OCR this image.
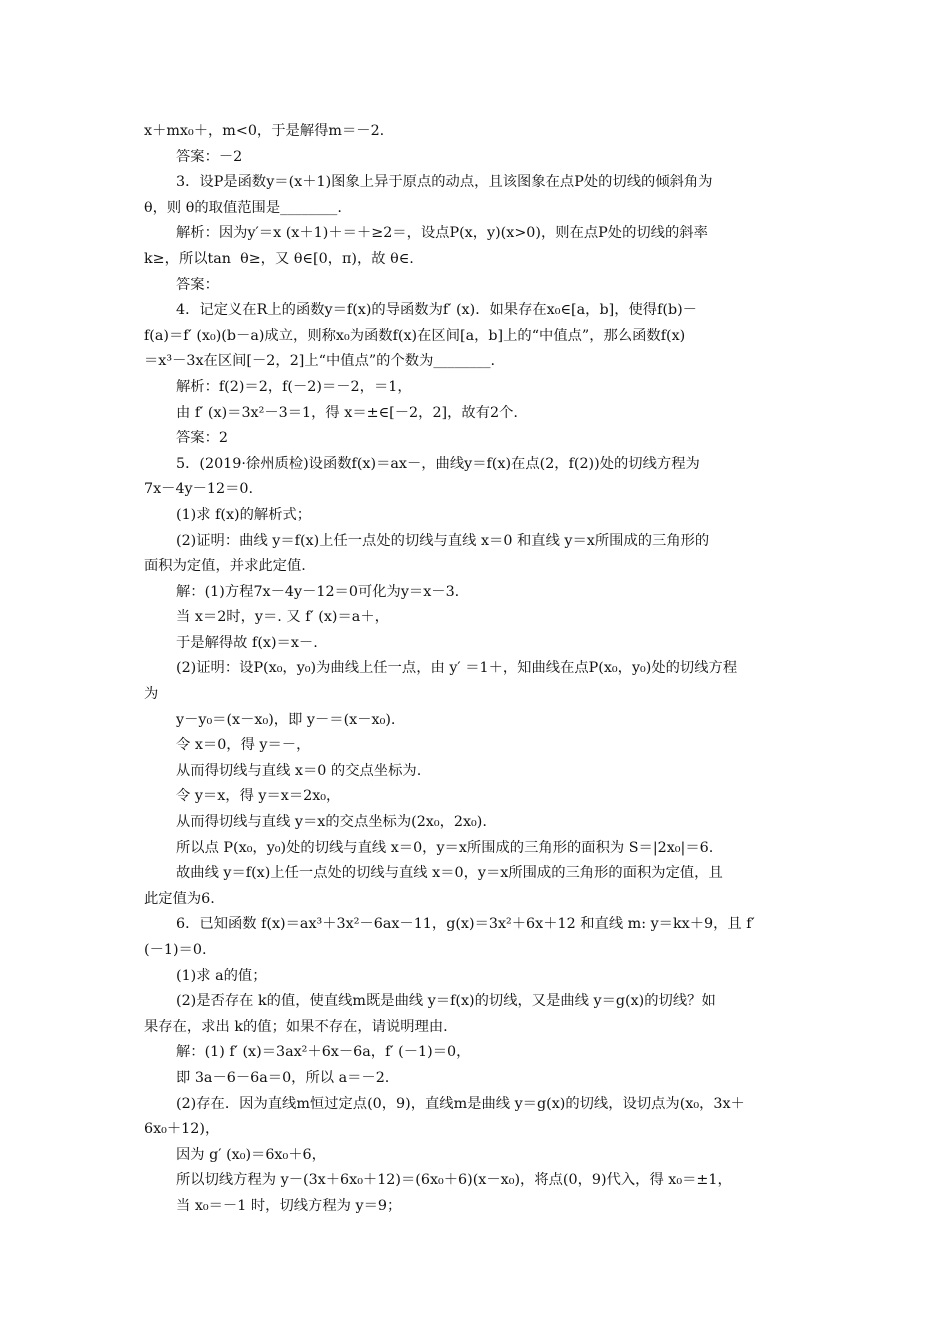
x＋mx₀＋，m<0，于是解得m＝－2.
答案：－2
3．设P是函数y＝(x＋1)图象上异于原点的动点，且该图象在点P处的切线的倾斜角为
θ，则 θ的取值范围是________.
解析：因为y′＝x (x＋1)＋＝＋≥2＝，设点P(x，y)(x>0)，则在点P处的切线的斜率
k≥，所以tan  θ≥，又 θ∈[0，π)，故 θ∈.
答案：
4．记定义在R上的函数y＝f(x)的导函数为f′ (x)．如果存在x₀∈[a，b]，使得f(b)－
f(a)＝f′ (x₀)(b－a)成立，则称x₀为函数f(x)在区间[a，b]上的“中值点”，那么函数f(x)
＝x³－3x在区间[－2，2]上“中值点”的个数为________.
解析：f(2)＝2，f(－2)＝－2，＝1，
由 f′ (x)＝3x²－3＝1，得 x＝±∈[－2，2]，故有2个.
答案：2
5．(2019·徐州质检)设函数f(x)＝ax－，曲线y＝f(x)在点(2，f(2))处的切线方程为
7x－4y－12＝0.
(1)求 f(x)的解析式；
(2)证明：曲线 y＝f(x)上任一点处的切线与直线 x＝0 和直线 y＝x所围成的三角形的
面积为定值，并求此定值.
解：(1)方程7x－4y－12＝0可化为y＝x－3.
当 x＝2时，y＝. 又 f′ (x)＝a＋，
于是解得故 f(x)＝x－.
(2)证明：设P(x₀，y₀)为曲线上任一点，由 y′ ＝1＋，知曲线在点P(x₀，y₀)处的切线方程
为
y－y₀＝(x－x₀)，即 y－＝(x－x₀).
令 x＝0，得 y＝－，
从而得切线与直线 x＝0 的交点坐标为.
令 y＝x，得 y＝x＝2x₀，
从而得切线与直线 y＝x的交点坐标为(2x₀，2x₀).
所以点 P(x₀，y₀)处的切线与直线 x＝0，y＝x所围成的三角形的面积为 S＝|2x₀|＝6.
故曲线 y＝f(x)上任一点处的切线与直线 x＝0，y＝x所围成的三角形的面积为定值，且
此定值为6.
6．已知函数 f(x)＝ax³＋3x²－6ax－11，g(x)＝3x²＋6x＋12 和直线 m: y＝kx＋9，且 f′
(－1)＝0.
(1)求 a的值；
(2)是否存在 k的值，使直线m既是曲线 y＝f(x)的切线，又是曲线 y＝g(x)的切线？如
果存在，求出 k的值；如果不存在，请说明理由.
解：(1) f′ (x)＝3ax²＋6x－6a，f′ (－1)＝0，
即 3a－6－6a＝0，所以 a＝－2.
(2)存在．因为直线m恒过定点(0，9)，直线m是曲线 y＝g(x)的切线，设切点为(x₀，3x＋
6x₀＋12)，
因为 g′ (x₀)＝6x₀＋6，
所以切线方程为 y－(3x＋6x₀＋12)＝(6x₀＋6)(x－x₀)，将点(0，9)代入，得 x₀＝±1，
当 x₀＝－1 时，切线方程为 y＝9；
